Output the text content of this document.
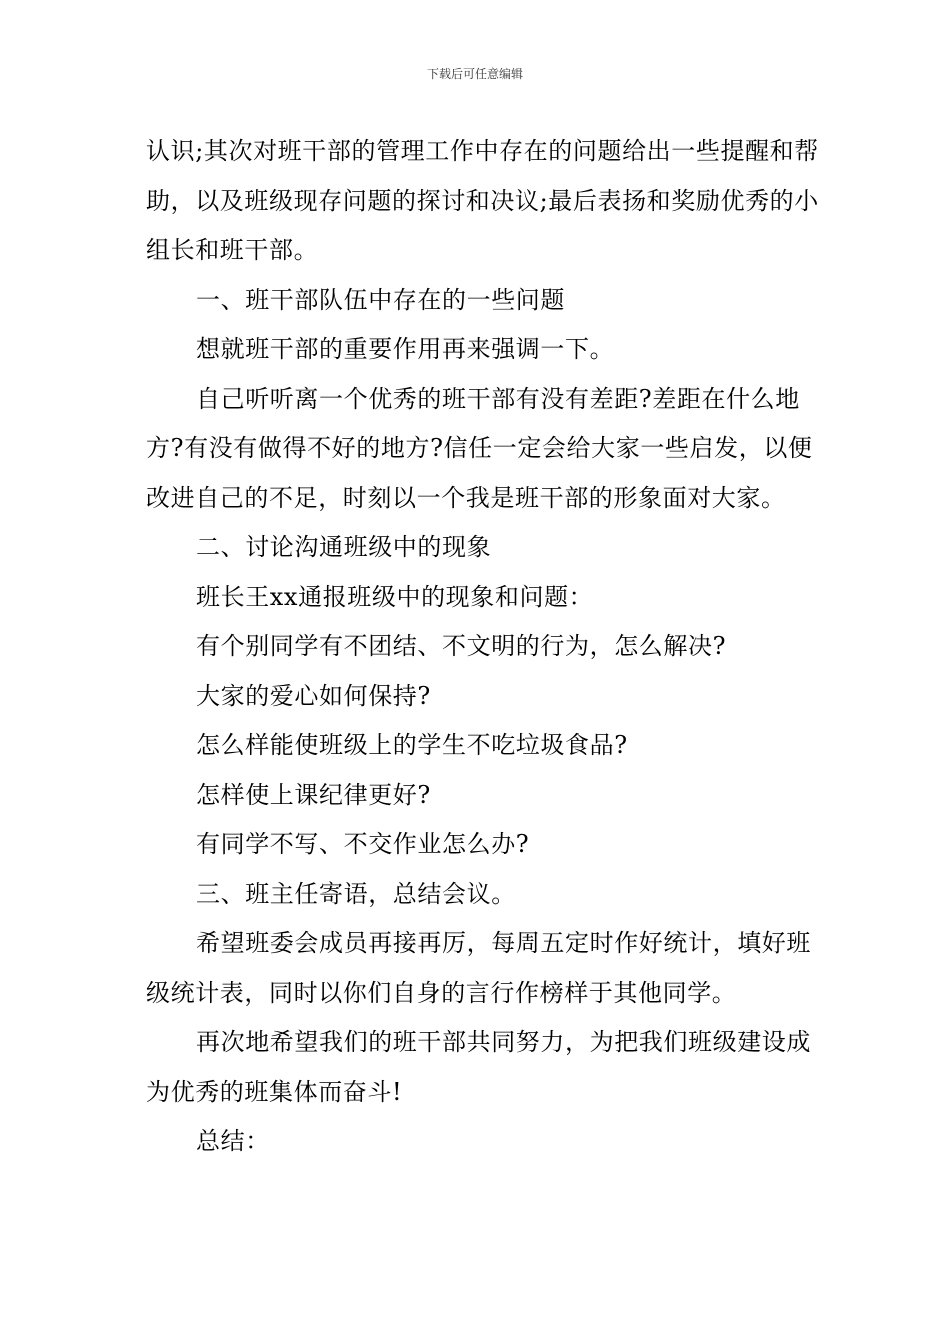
下载后可任意编辑

认识;其次对班干部的管理工作中存在的问题给出一些提醒和帮助，以及班级现存问题的探讨和决议;最后表扬和奖励优秀的小组长和班干部。

一、班干部队伍中存在的一些问题

想就班干部的重要作用再来强调一下。

自己听听离一个优秀的班干部有没有差距?差距在什么地方?有没有做得不好的地方?信任一定会给大家一些启发，以便改进自己的不足，时刻以一个我是班干部的形象面对大家。

二、讨论沟通班级中的现象

班长王xx通报班级中的现象和问题：

有个别同学有不团结、不文明的行为，怎么解决?

大家的爱心如何保持?

怎么样能使班级上的学生不吃垃圾食品?

怎样使上课纪律更好?

有同学不写、不交作业怎么办?

三、班主任寄语，总结会议。

希望班委会成员再接再厉，每周五定时作好统计，填好班级统计表，同时以你们自身的言行作榜样于其他同学。

再次地希望我们的班干部共同努力，为把我们班级建设成为优秀的班集体而奋斗!

总结：
